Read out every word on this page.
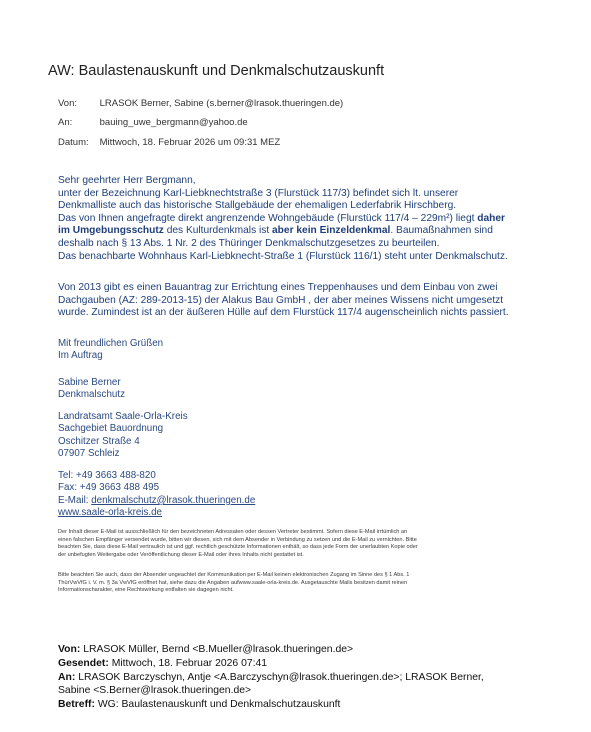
AW: Baulastenauskunft und Denkmalschutzauskunft
Von: LRASOK Berner, Sabine (s.berner@lrasok.thueringen.de)
An:	bauing_uwe_bergmann@yahoo.de
Datum: Mittwoch, 18. Februar 2026 um 09:31 MEZ
Sehr geehrter Herr Bergmann,
unter der Bezeichnung Karl-Liebknechtstraße 3 (Flurstück 117/3) befindet sich lt. unserer
Denkmalliste auch das historische Stallgebäude der ehemaligen Lederfabrik Hirschberg.
Das von Ihnen angefragte direkt angrenzende Wohngebäude (Flurstück 117/4 – 229m²) liegt daher
im Umgebungsschutz des Kulturdenkmals ist aber kein Einzeldenkmal. Baumaßnahmen sind
deshalb nach § 13 Abs. 1 Nr. 2 des Thüringer Denkmalschutzgesetzes zu beurteilen.
Das benachbarte Wohnhaus Karl-Liebknecht-Straße 1 (Flurstück 116/1) steht unter Denkmalschutz.
Von 2013 gibt es einen Bauantrag zur Errichtung eines Treppenhauses und dem Einbau von zwei
Dachgauben (AZ: 289-2013-15) der Alakus Bau GmbH , der aber meines Wissens nicht umgesetzt
wurde. Zumindest ist an der äußeren Hülle auf dem Flurstück 117/4 augenscheinlich nichts passiert.
Mit freundlichen Grüßen
Im Auftrag
Sabine Berner
Denkmalschutz
Landratsamt Saale-Orla-Kreis
Sachgebiet Bauordnung
Oschitzer Straße 4
07907 Schleiz
Tel: +49 3663 488-820
Fax: +49 3663 488 495
E-Mail: denkmalschutz@lrasok.thueringen.de
www.saale-orla-kreis.de
Der Inhalt dieser E-Mail ist ausschließlich für den bezeichneten Adressaten oder dessen Vertreter bestimmt. Sofern diese E-Mail irrtümlich an
einen falschen Empfänger versendet wurde, bitten wir diesen, sich mit dem Absender in Verbindung zu setzen und die E-Mail zu vernichten. Bitte
beachten Sie, dass diese E-Mail vertraulich ist und ggf. rechtlich geschützte Informationen enthält, so dass jede Form der unerlaubten Kopie oder
der unbefugten Weitergabe oder Veröffentlichung dieser E-Mail oder ihres Inhalts nicht gestattet ist.
Bitte beachten Sie auch, dass der Absender ungeachtet der Kommunikation per E-Mail keinen elektronischen Zugang im Sinne des § 1 Abs. 1
ThürVwVfG i. V. m. § 3a VwVfG eröffnet hat, siehe dazu die Angaben aufwww.saale-orla-kreis.de. Ausgetauschte Mails besitzen damit reinen
Informationscharakter, eine Rechtswirkung entfalten sie dagegen nicht.
Von: LRASOK Müller, Bernd <B.Mueller@lrasok.thueringen.de>
Gesendet: Mittwoch, 18. Februar 2026 07:41
An: LRASOK Barczyschyn, Antje <A.Barczyschyn@lrasok.thueringen.de>; LRASOK Berner,
Sabine <S.Berner@lrasok.thueringen.de>
Betreff: WG: Baulastenauskunft und Denkmalschutzauskunft
